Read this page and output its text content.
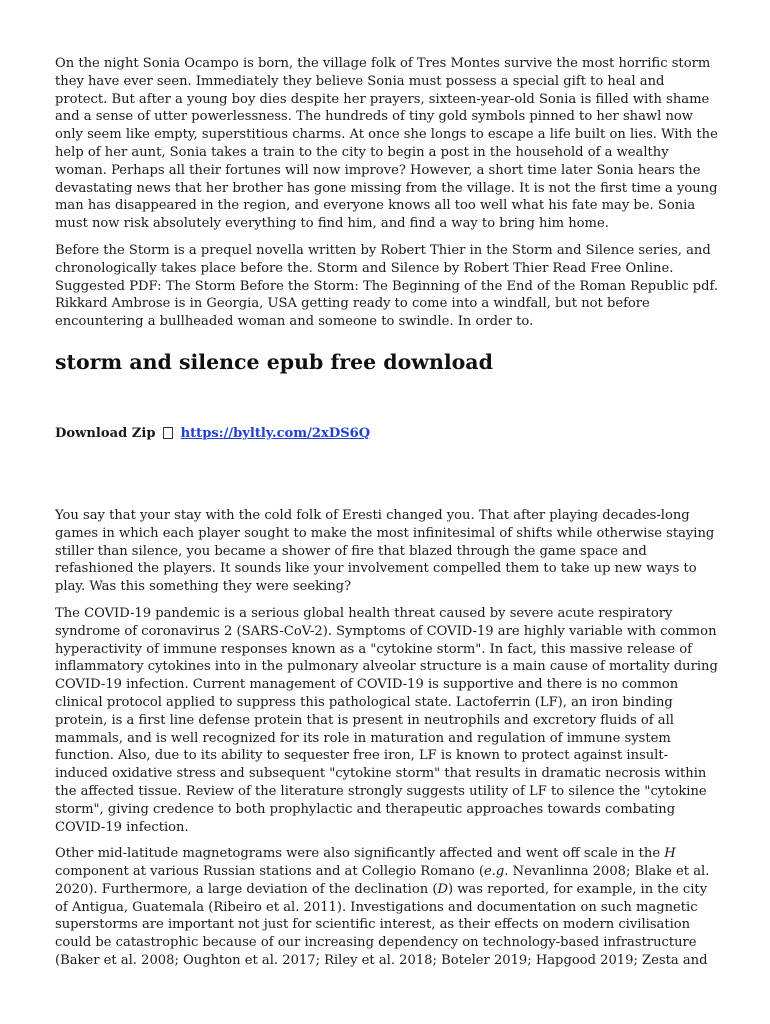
On the night Sonia Ocampo is born, the village folk of Tres Montes survive the most horrific storm they have ever seen. Immediately they believe Sonia must possess a special gift to heal and protect. But after a young boy dies despite her prayers, sixteen-year-old Sonia is filled with shame and a sense of utter powerlessness. The hundreds of tiny gold symbols pinned to her shawl now only seem like empty, superstitious charms. At once she longs to escape a life built on lies. With the help of her aunt, Sonia takes a train to the city to begin a post in the household of a wealthy woman. Perhaps all their fortunes will now improve? However, a short time later Sonia hears the devastating news that her brother has gone missing from the village. It is not the first time a young man has disappeared in the region, and everyone knows all too well what his fate may be. Sonia must now risk absolutely everything to find him, and find a way to bring him home.

Before the Storm is a prequel novella written by Robert Thier in the Storm and Silence series, and chronologically takes place before the. Storm and Silence by Robert Thier Read Free Online. Suggested PDF: The Storm Before the Storm: The Beginning of the End of the Roman Republic pdf. Rikkard Ambrose is in Georgia, USA getting ready to come into a windfall, but not before encountering a bullheaded woman and someone to swindle. In order to.

storm and silence epub free download
Download Zip https://byltly.com/2xDS6Q

You say that your stay with the cold folk of Eresti changed you. That after playing decades-long games in which each player sought to make the most infinitesimal of shifts while otherwise staying stiller than silence, you became a shower of fire that blazed through the game space and refashioned the players. It sounds like your involvement compelled them to take up new ways to play. Was this something they were seeking?

The COVID-19 pandemic is a serious global health threat caused by severe acute respiratory syndrome of coronavirus 2 (SARS-CoV-2). Symptoms of COVID-19 are highly variable with common hyperactivity of immune responses known as a "cytokine storm". In fact, this massive release of inflammatory cytokines into in the pulmonary alveolar structure is a main cause of mortality during COVID-19 infection. Current management of COVID-19 is supportive and there is no common clinical protocol applied to suppress this pathological state. Lactoferrin (LF), an iron binding protein, is a first line defense protein that is present in neutrophils and excretory fluids of all mammals, and is well recognized for its role in maturation and regulation of immune system function. Also, due to its ability to sequester free iron, LF is known to protect against insult-induced oxidative stress and subsequent "cytokine storm" that results in dramatic necrosis within the affected tissue. Review of the literature strongly suggests utility of LF to silence the "cytokine storm", giving credence to both prophylactic and therapeutic approaches towards combating COVID-19 infection.

Other mid-latitude magnetograms were also significantly affected and went off scale in the H component at various Russian stations and at Collegio Romano (e.g. Nevanlinna 2008; Blake et al. 2020). Furthermore, a large deviation of the declination (D) was reported, for example, in the city of Antigua, Guatemala (Ribeiro et al. 2011). Investigations and documentation on such magnetic superstorms are important not just for scientific interest, as their effects on modern civilisation could be catastrophic because of our increasing dependency on technology-based infrastructure (Baker et al. 2008; Oughton et al. 2017; Riley et al. 2018; Boteler 2019; Hapgood 2019; Zesta and
